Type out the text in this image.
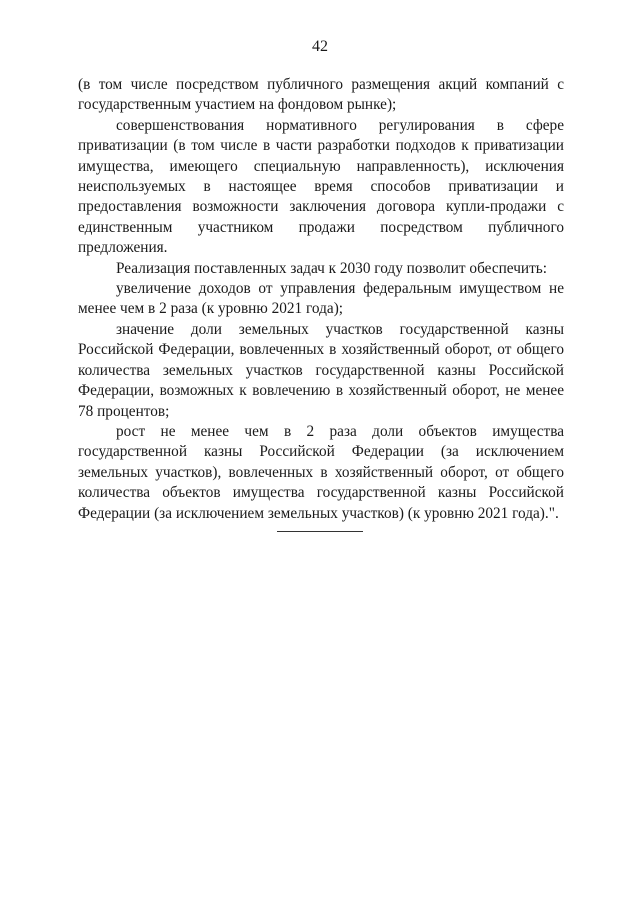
42

(в том числе посредством публичного размещения акций компаний с государственным участием на фондовом рынке);

совершенствования нормативного регулирования в сфере приватизации (в том числе в части разработки подходов к приватизации имущества, имеющего специальную направленность), исключения неиспользуемых в настоящее время способов приватизации и предоставления возможности заключения договора купли-продажи с единственным участником продажи посредством публичного предложения.

Реализация поставленных задач к 2030 году позволит обеспечить:

увеличение доходов от управления федеральным имуществом не менее чем в 2 раза (к уровню 2021 года);

значение доли земельных участков государственной казны Российской Федерации, вовлеченных в хозяйственный оборот, от общего количества земельных участков государственной казны Российской Федерации, возможных к вовлечению в хозяйственный оборот, не менее 78 процентов;

рост не менее чем в 2 раза доли объектов имущества государственной казны Российской Федерации (за исключением земельных участков), вовлеченных в хозяйственный оборот, от общего количества объектов имущества государственной казны Российской Федерации (за исключением земельных участков) (к уровню 2021 года).".
